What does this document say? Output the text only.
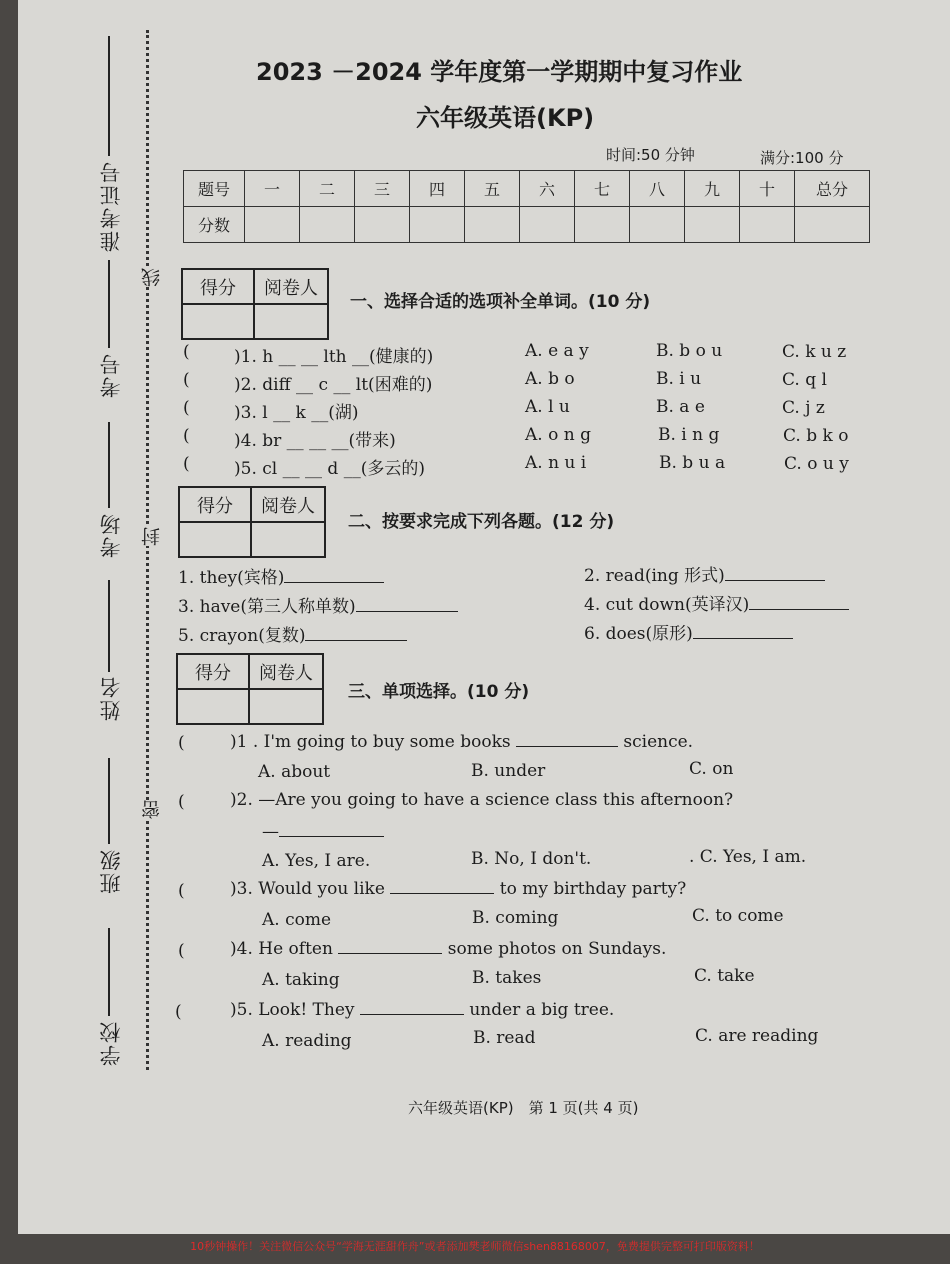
准考证号
考号
考场
姓名
班级
学校
线
封
密
2023 －2024 学年度第一学期期中复习作业
六年级英语(KP)
时间:50 分钟	满分:100 分
题号	一	二	三	四	五	六	七	八	九	十	总分
分数											
得分	阅卷人

得分	阅卷人

得分	阅卷人

一、选择合适的选项补全单词。(10 分)
(	)1. h __ __ lth __(健康的)	A. e a y	B. b o u	C. k u z
(	)2. diff __ c __ lt(困难的)	A. b o	B. i u	C. q l
(	)3. l __ k __(湖)	A. l u	B. a e	C. j z
(	)4. br __ __ __(带来)	A. o n g	B. i n g	C. b k o
(	)5. cl __ __ d __(多云的)	A. n u i	B. b u a	C. o u y
二、按要求完成下列各题。(12 分)
1. they(宾格)	2. read(ing 形式)
3. have(第三人称单数)	4. cut down(英译汉)
5. crayon(复数)	6. does(原形)
三、单项选择。(10 分)
(	)1 . I'm going to buy some books	science.
A. about	B. under	C. on
(	)2. —Are you going to have a science class this afternoon?
—
A. Yes, I are.	B. No, I don't.	. C. Yes, I am.
(	)3. Would you like	to my birthday party?
A. come	B. coming	C. to come
(	)4. He often	some photos on Sundays.
A. taking	B. takes	C. take
(	)5. Look! They	under a big tree.
A. reading	B. read	C. are reading
六年级英语(KP)　第 1 页(共 4 页)
10秒钟操作！关注微信公众号“学海无涯甜作舟”或者添加樊老师微信shen88168007，免费提供完整可打印版资料！
